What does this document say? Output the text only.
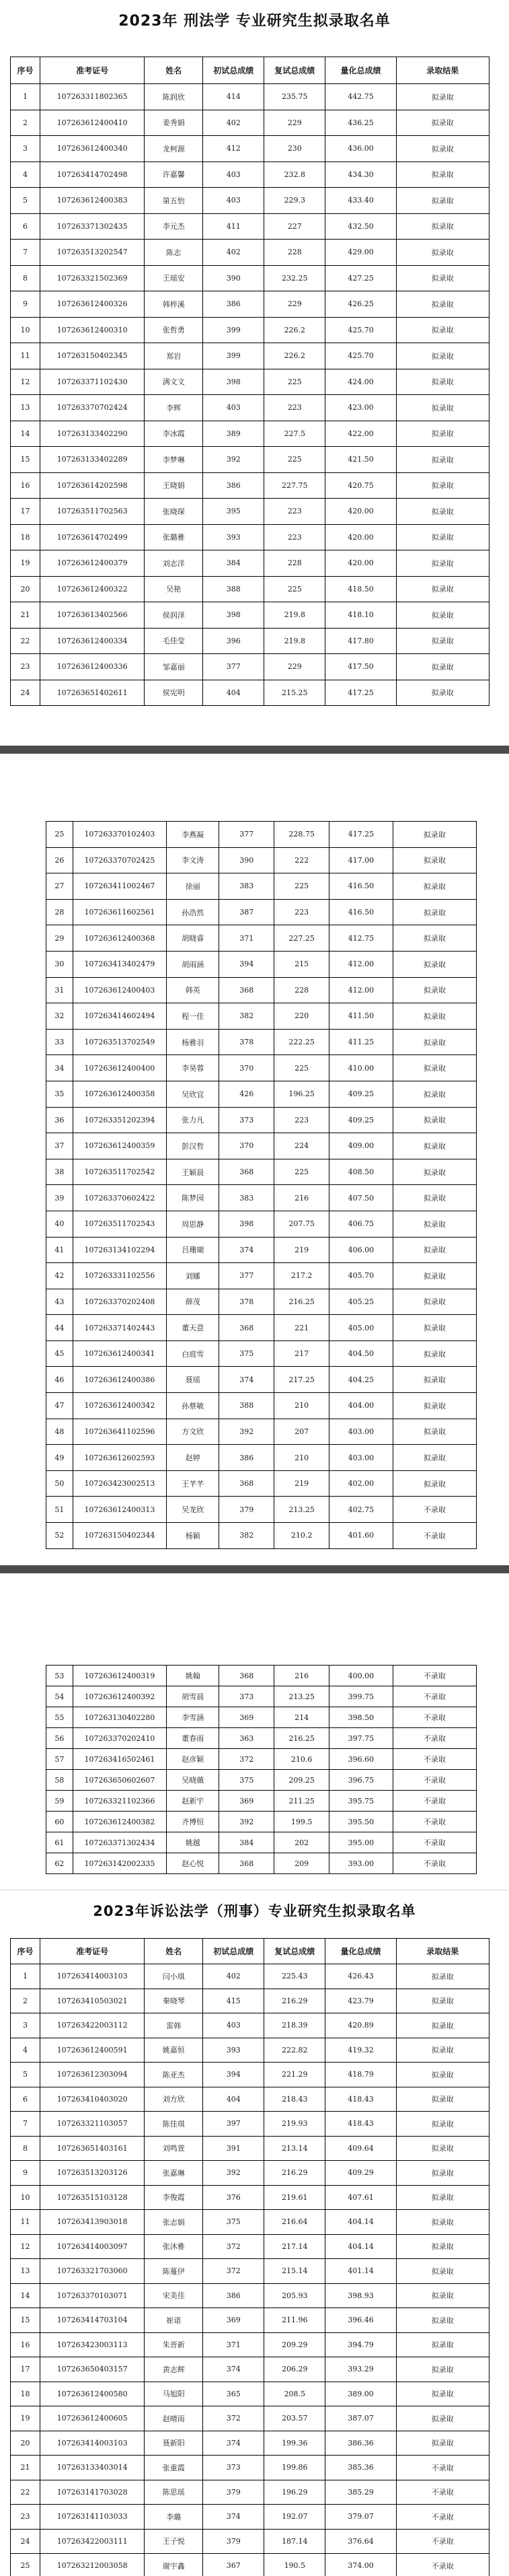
2023年 刑法学 专业研究生拟录取名单
序号	准考证号	姓名	初试总成绩	复试总成绩	量化总成绩	录取结果
1	107263311802365	陈润欣	414	235.75	442.75	拟录取
2	107263612400410	姜秀娟	402	229	436.25	拟录取
3	107263612400340	龙柯源	412	230	436.00	拟录取
4	107263414702498	许嘉馨	403	232.8	434.30	拟录取
5	107263612400383	第五怡	403	229.3	433.40	拟录取
6	107263371302435	李元杰	411	227	432.50	拟录取
7	107263513202547	陈志	402	228	429.00	拟录取
8	107263321502369	王瑶安	390	232.25	427.25	拟录取
9	107263612400326	韩梓溪	386	229	426.25	拟录取
10	107263612400310	张哲勇	399	226.2	425.70	拟录取
11	107263150402345	郑岩	399	226.2	425.70	拟录取
12	107263371102430	满文文	398	225	424.00	拟录取
13	107263370702424	李辉	403	223	423.00	拟录取
14	107263133402290	李冰霞	389	227.5	422.00	拟录取
15	107263133402289	李梦琳	392	225	421.50	拟录取
16	107263614202598	王晓娟	386	227.75	420.75	拟录取
17	107263511702563	张晓琛	395	223	420.00	拟录取
18	107263614702499	张璐雅	393	223	420.00	拟录取
19	107263612400379	刘志洋	384	228	420.00	拟录取
20	107263612400322	吴艳	388	225	418.50	拟录取
21	107263613402566	侯润泽	398	219.8	418.10	拟录取
22	107263612400334	毛佳莹	396	219.8	417.80	拟录取
23	107263612400336	邹嘉丽	377	229	417.50	拟录取
24	107263651402611	侯宪明	404	215.25	417.25	拟录取
25	107263370102403	李燕凝	377	228.75	417.25	拟录取
26	107263370702425	李文涛	390	222	417.00	拟录取
27	107263411002467	徐丽	383	225	416.50	拟录取
28	107263611602561	孙浩然	387	223	416.50	拟录取
29	107263612400368	胡晓睿	371	227.25	412.75	拟录取
30	107263413402479	胡雨涵	394	215	412.00	拟录取
31	107263612400403	韩英	368	228	412.00	拟录取
32	107263414602494	程一佳	382	220	411.50	拟录取
33	107263513702549	杨雅羽	378	222.25	411.25	拟录取
34	107263612400400	李昊蓉	370	225	410.00	拟录取
35	107263612400358	吴欣宜	426	196.25	409.25	拟录取
36	107263351202394	张力凡	373	223	409.25	拟录取
37	107263612400359	彭汉哲	370	224	409.00	拟录取
38	107263511702542	王颖晨	368	225	408.50	拟录取
39	107263370602422	陈梦园	383	216	407.50	拟录取
40	107263511702543	周思静	398	207.75	406.75	拟录取
41	107263134102294	吕珊瑚	374	219	406.00	拟录取
42	107263331102556	刘娜	377	217.2	405.70	拟录取
43	107263370202408	薛茂	378	216.25	405.25	拟录取
44	107263371402443	董天意	368	221	405.00	拟录取
45	107263612400341	白庭雪	375	217	404.50	拟录取
46	107263612400386	聂瑶	374	217.25	404.25	拟录取
47	107263612400342	孙蔡敏	388	210	404.00	拟录取
48	107263641102596	方文欣	392	207	403.00	拟录取
49	107263612602593	赵婷	386	210	403.00	拟录取
50	107263423002513	王芊芊	368	219	402.00	拟录取
51	107263612400313	吴龙欣	379	213.25	402.75	不录取
52	107263150402344	杨颖	382	210.2	401.60	不录取
53	107263612400319	姚翰	368	216	400.00	不录取
54	107263612400392	胡雪晨	373	213.25	399.75	不录取
55	107263130402280	李雪涵	369	214	398.50	不录取
56	107263370202410	董春雨	363	216.25	397.75	不录取
57	107263416502461	赵彦颖	372	210.6	396.60	不录取
58	107263650602607	吴晓薇	375	209.25	396.75	不录取
59	107263321102366	赵新宇	369	211.25	395.75	不录取
60	107263612400382	齐博恒	392	199.5	395.50	不录取
61	107263371302434	姚越	384	202	395.00	不录取
62	107263142002335	赵心悦	368	209	393.00	不录取
2023年诉讼法学（刑事）专业研究生拟录取名单
序号	准考证号	姓名	初试总成绩	复试总成绩	量化总成绩	录取结果
1	107263414003103	闫小琪	402	225.43	426.43	拟录取
2	107263410503021	秦晓琴	415	216.29	423.79	拟录取
3	107263422003112	雷韩	403	218.39	420.89	拟录取
4	107263612400591	姚嘉恒	393	222.82	419.32	拟录取
5	107263612303094	陈亚杰	394	221.29	418.79	拟录取
6	107263410403020	刘方欣	404	218.43	418.43	拟录取
7	107263321103057	陈佳琪	397	219.93	418.43	拟录取
8	107263651403161	刘鸣萱	391	213.14	409.64	拟录取
9	107263513203126	张嘉琳	392	216.29	409.29	拟录取
10	107263515103128	李俊霞	376	219.61	407.61	拟录取
11	107263413903018	张志娟	375	216.64	404.14	拟录取
12	107263414003097	张沐雅	372	217.14	404.14	拟录取
13	107263321703060	陈蔓伊	372	215.14	401.14	拟录取
14	107263370103071	宋美佳	386	205.93	398.93	拟录取
15	107263414703104	崔诺	369	211.96	396.46	拟录取
16	107263423003113	朱晋新	371	209.29	394.79	拟录取
17	107263650403157	黄志辉	374	206.29	393.29	拟录取
18	107263612400580	马旭阳	365	208.5	389.00	拟录取
19	107263612400605	赵晴雨	372	203.57	387.07	拟录取
20	107263414003103	聂新阳	374	199.36	386.36	拟录取
21	107263133403014	张重霞	373	199.86	385.36	不录取
22	107263141703028	陈思瑶	379	196.29	385.29	不录取
23	107263141103033	李璐	374	192.07	379.07	不录取
24	107263422003111	王子悦	379	187.14	376.64	不录取
25	107263212003058	谢宇鑫	367	190.5	374.00	不录取
